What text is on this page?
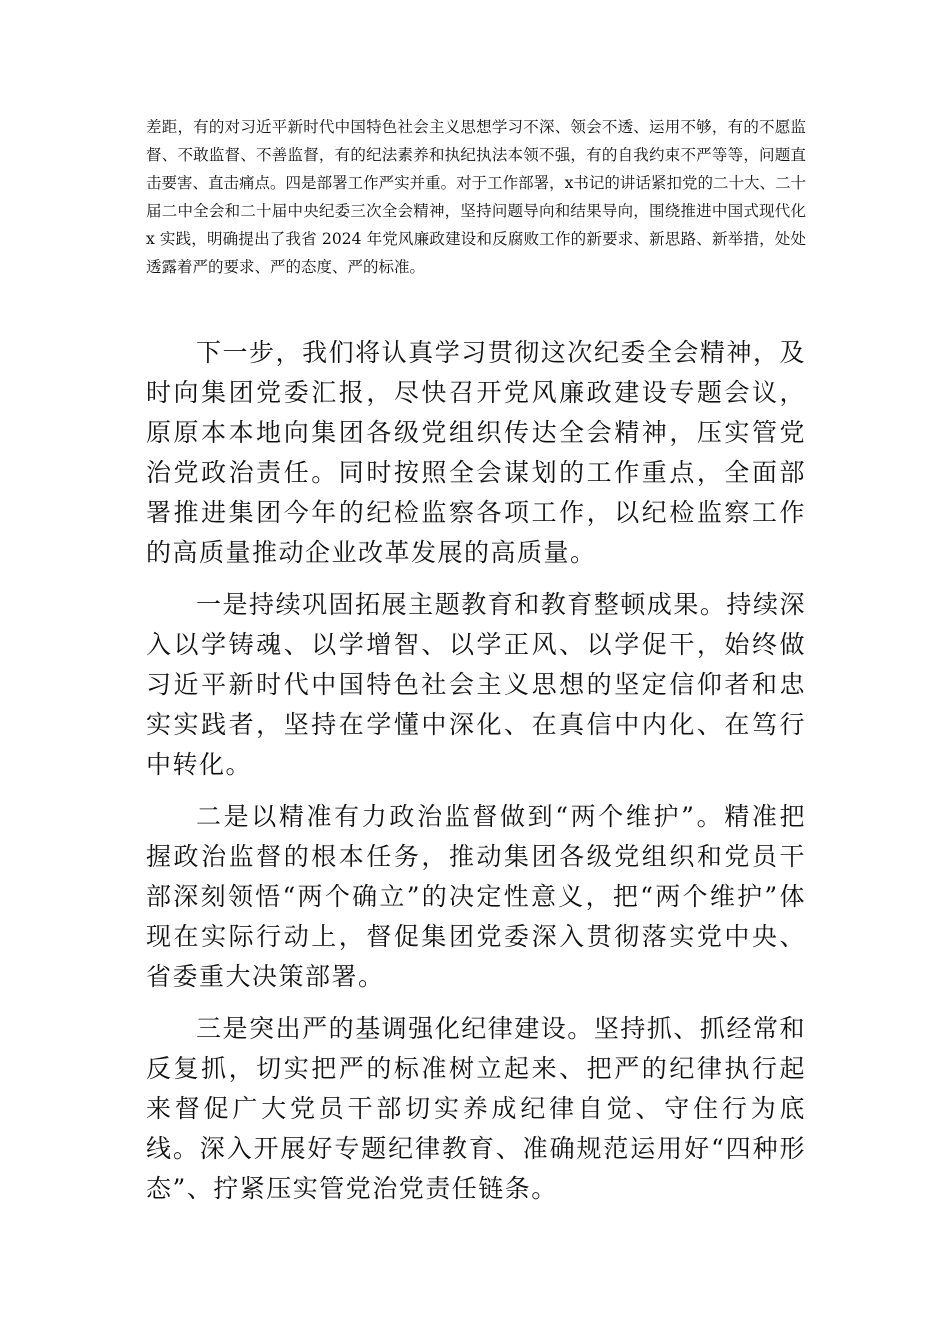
差距，有的对习近平新时代中国特色社会主义思想学习不深、领会不透、运用不够，有的不愿监督、不敢监督、不善监督，有的纪法素养和执纪执法本领不强，有的自我约束不严等等，问题直击要害、直击痛点。四是部署工作严实并重。对于工作部署，x书记的讲话紧扣党的二十大、二十届二中全会和二十届中央纪委三次全会精神，坚持问题导向和结果导向，围绕推进中国式现代化 x 实践，明确提出了我省 2024 年党风廉政建设和反腐败工作的新要求、新思路、新举措，处处透露着严的要求、严的态度、严的标准。

下一步，我们将认真学习贯彻这次纪委全会精神，及时向集团党委汇报，尽快召开党风廉政建设专题会议，原原本本地向集团各级党组织传达全会精神，压实管党治党政治责任。同时按照全会谋划的工作重点，全面部署推进集团今年的纪检监察各项工作，以纪检监察工作的高质量推动企业改革发展的高质量。

一是持续巩固拓展主题教育和教育整顿成果。持续深入以学铸魂、以学增智、以学正风、以学促干，始终做习近平新时代中国特色社会主义思想的坚定信仰者和忠实实践者，坚持在学懂中深化、在真信中内化、在笃行中转化。

二是以精准有力政治监督做到“两个维护”。精准把握政治监督的根本任务，推动集团各级党组织和党员干部深刻领悟“两个确立”的决定性意义，把“两个维护”体现在实际行动上，督促集团党委深入贯彻落实党中央、省委重大决策部署。

三是突出严的基调强化纪律建设。坚持抓、抓经常和反复抓，切实把严的标准树立起来、把严的纪律执行起来督促广大党员干部切实养成纪律自觉、守住行为底线。深入开展好专题纪律教育、准确规范运用好“四种形态”、拧紧压实管党治党责任链条。
